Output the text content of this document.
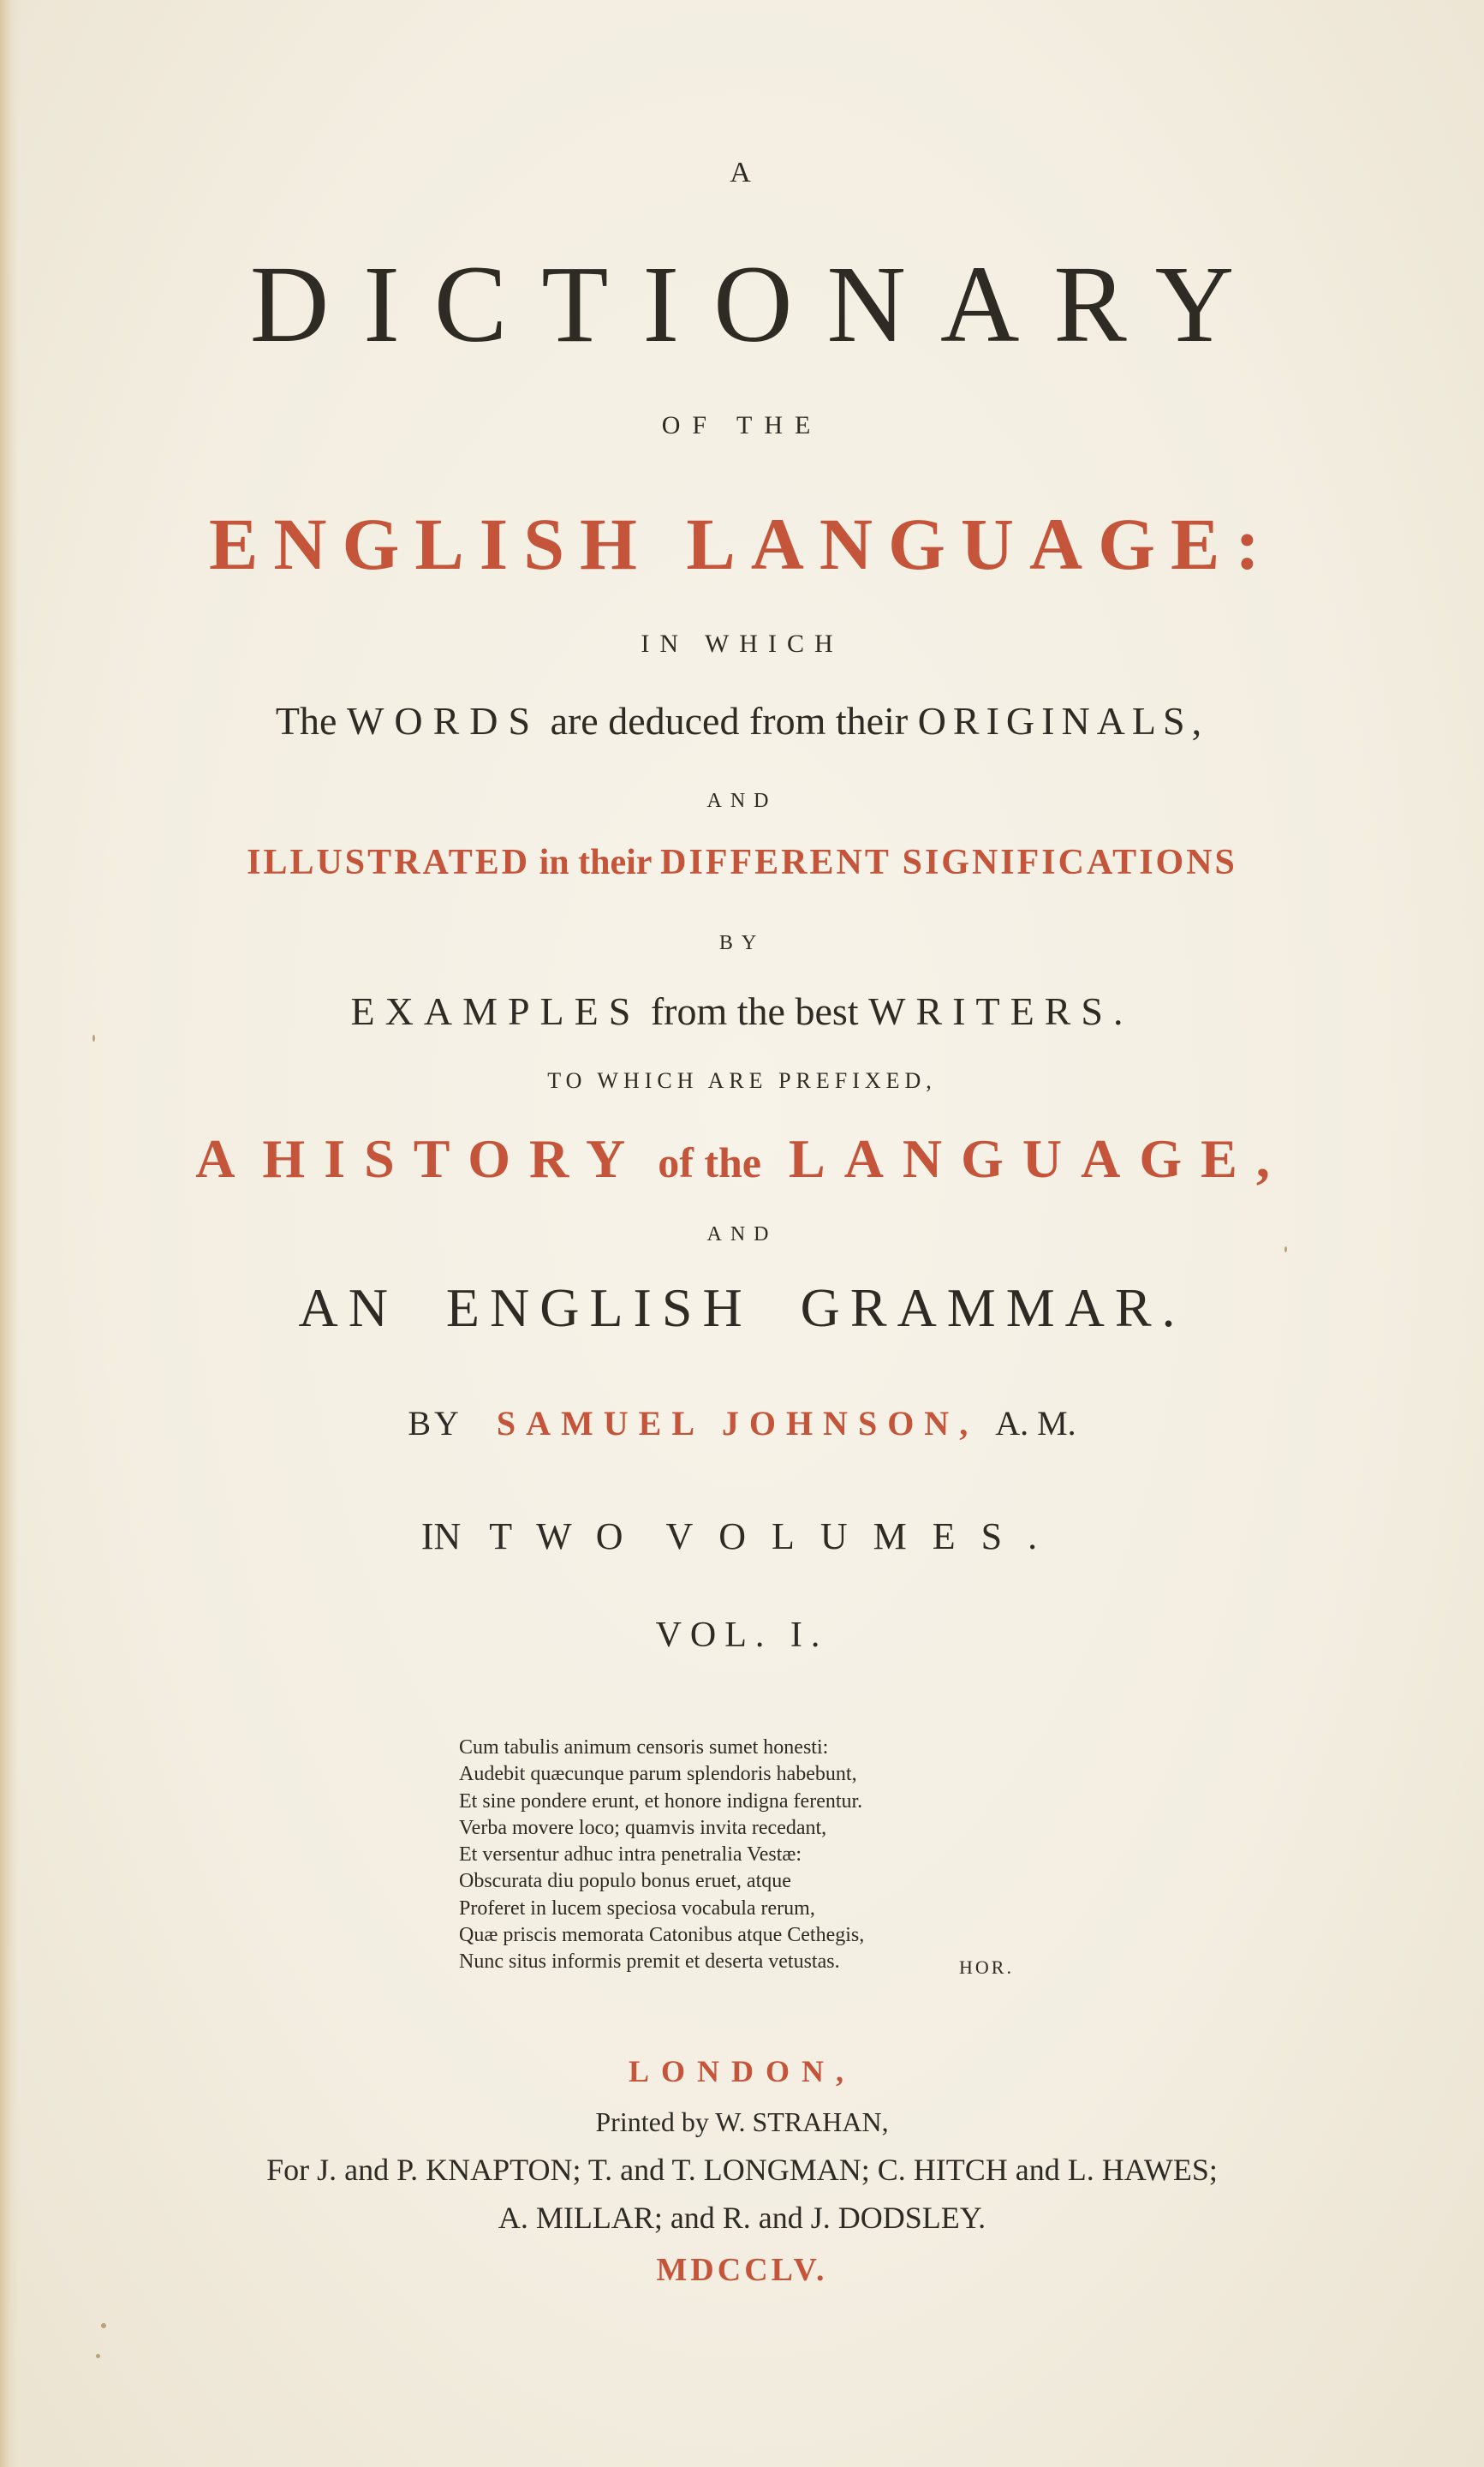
A
DICTIONARY
OF THE
ENGLISH LANGUAGE:
IN WHICH
The WORDS are deduced from their ORIGINALS,
AND
ILLUSTRATED in their DIFFERENT SIGNIFICATIONS
BY
EXAMPLES from the best WRITERS.
TO WHICH ARE PREFIXED,
A HISTORY of the LANGUAGE,
AND
AN ENGLISH GRAMMAR.
BY SAMUEL JOHNSON, A. M.
IN TWO VOLUMES.
VOL. I.
Cum tabulis animum censoris sumet honesti:
Audebit quæcunque parum splendoris habebunt,
Et sine pondere erunt, et honore indigna ferentur.
Verba movere loco; quamvis invita recedant,
Et versentur adhuc intra penetralia Vestæ:
Obscurata diu populo bonus eruet, atque
Proferet in lucem speciosa vocabula rerum,
Quæ priscis memorata Catonibus atque Cethegis,
Nunc situs informis premit et deserta vetustas.	HOR.
LONDON,
Printed by W. STRAHAN,
For J. and P. KNAPTON; T. and T. LONGMAN; C. HITCH and L. HAWES;
A. MILLAR; and R. and J. DODSLEY.
MDCCLV.
